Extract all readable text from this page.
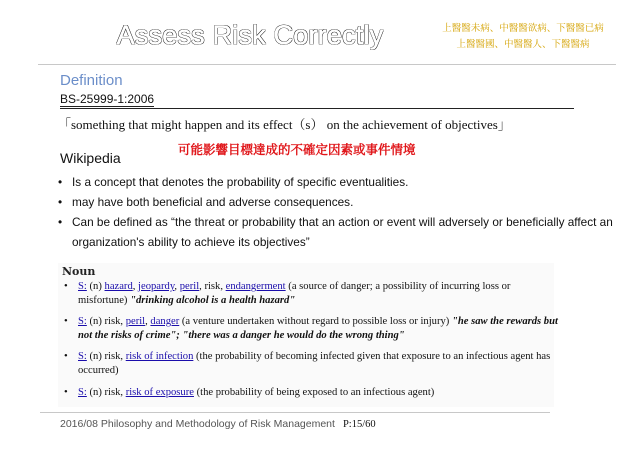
Assess Risk Correctly	上醫醫未病、中醫醫欲病、下醫醫已病
上醫醫國、中醫醫人、下醫醫病
Definition
BS-25999-1:2006
「something that might happen and its effect（s） on the achievement of objectives」
可能影響目標達成的不確定因素或事件情境
Wikipedia
• Is a concept that denotes the probability of specific eventualities.
• may have both beneficial and adverse consequences.
• Can be defined as “the threat or probability that an action or event will adversely or beneficially affect an organization's ability to achieve its objectives”
Noun
• S: (n) hazard, jeopardy, peril, risk, endangerment (a source of danger; a possibility of incurring loss or misfortune) "drinking alcohol is a health hazard"
• S: (n) risk, peril, danger (a venture undertaken without regard to possible loss or injury) "he saw the rewards but not the risks of crime"; "there was a danger he would do the wrong thing"
• S: (n) risk, risk of infection (the probability of becoming infected given that exposure to an infectious agent has occurred)
• S: (n) risk, risk of exposure (the probability of being exposed to an infectious agent)
2016/08 Philosophy and Methodology of Risk Management P:15/60
